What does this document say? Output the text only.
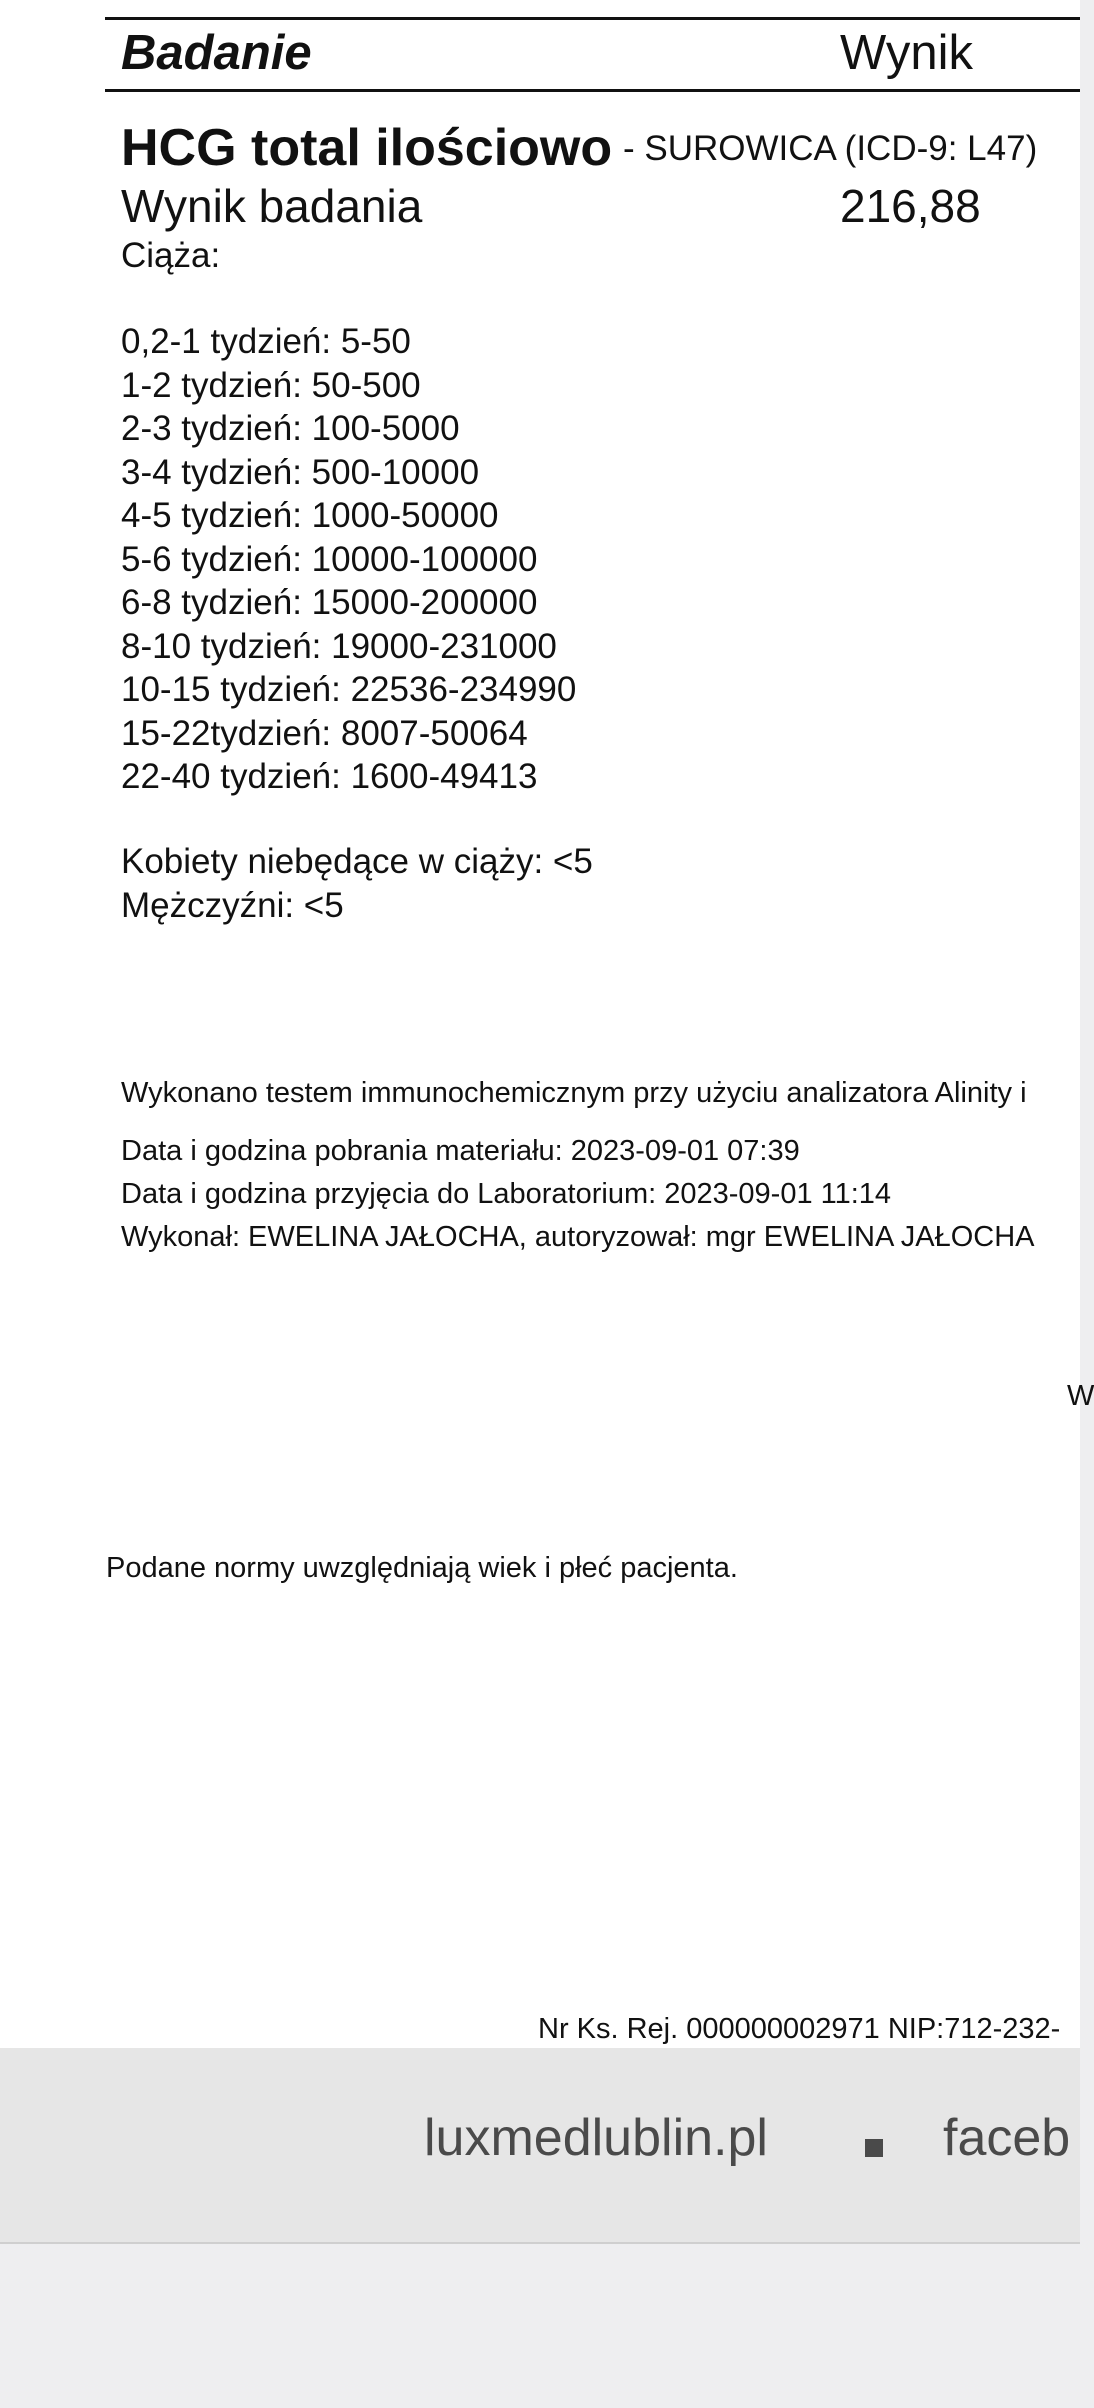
Badanie	Wynik
HCG total ilościowo - SUROWICA (ICD-9: L47)
Wynik badania	216,88
Ciąża:
0,2-1 tydzień: 5-50
1-2 tydzień: 50-500
2-3 tydzień: 100-5000
3-4 tydzień: 500-10000
4-5 tydzień: 1000-50000
5-6 tydzień: 10000-100000
6-8 tydzień: 15000-200000
8-10 tydzień: 19000-231000
10-15 tydzień: 22536-234990
15-22tydzień: 8007-50064
22-40 tydzień: 1600-49413
Kobiety niebędące w ciąży: <5
Mężczyźni: <5
Wykonano testem immunochemicznym przy użyciu analizatora Alinity i
Data i godzina pobrania materiału: 2023-09-01 07:39
Data i godzina przyjęcia do Laboratorium: 2023-09-01 11:14
Wykonał: EWELINA JAŁOCHA, autoryzował: mgr EWELINA JAŁOCHA
W
Podane normy uwzględniają wiek i płeć pacjenta.
Nr Ks. Rej. 000000002971 NIP:712-232-
luxmedlublin.pl	faceb
